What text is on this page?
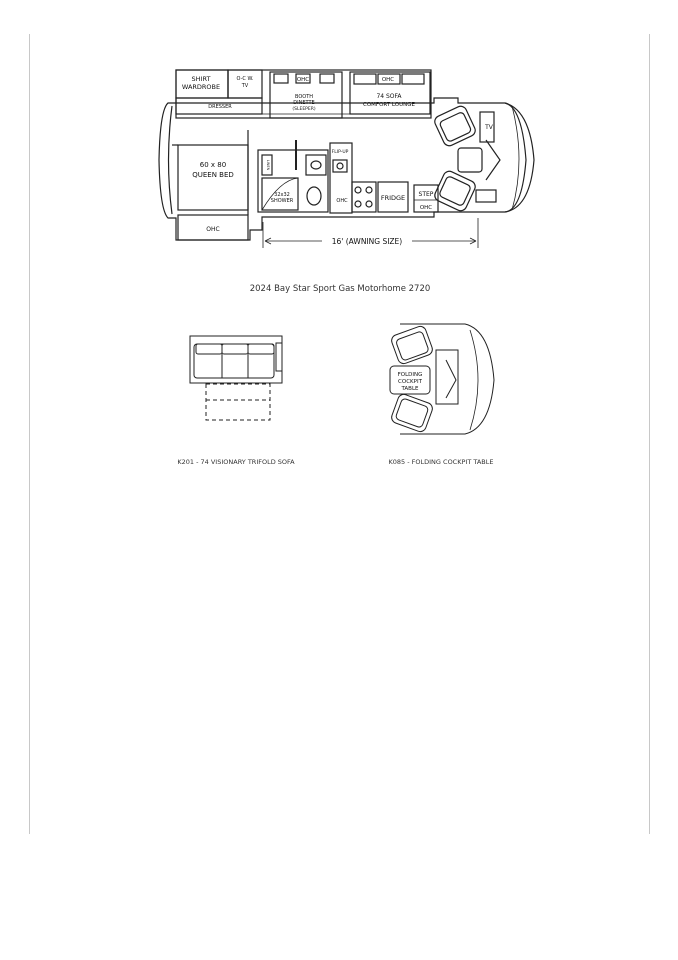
SHIRT
WARDROBE
O-C W.
TV
DRESSER
OHC
BOOTH
DINETTE
(SLEEPER)
OHC
74 SOFA
COMFORT LOUNGE
60 x 80
QUEEN BED
OHC
LINEN
32x32
SHOWER
FLIP-UP
OHC	FRIDGE STEP
OHC
TV
16' (AWNING SIZE)
2024 Bay Star Sport Gas Motorhome 2720
K201 - 74 VISIONARY TRIFOLD SOFA
FOLDING
COCKPIT
TABLE
K085 - FOLDING COCKPIT TABLE
